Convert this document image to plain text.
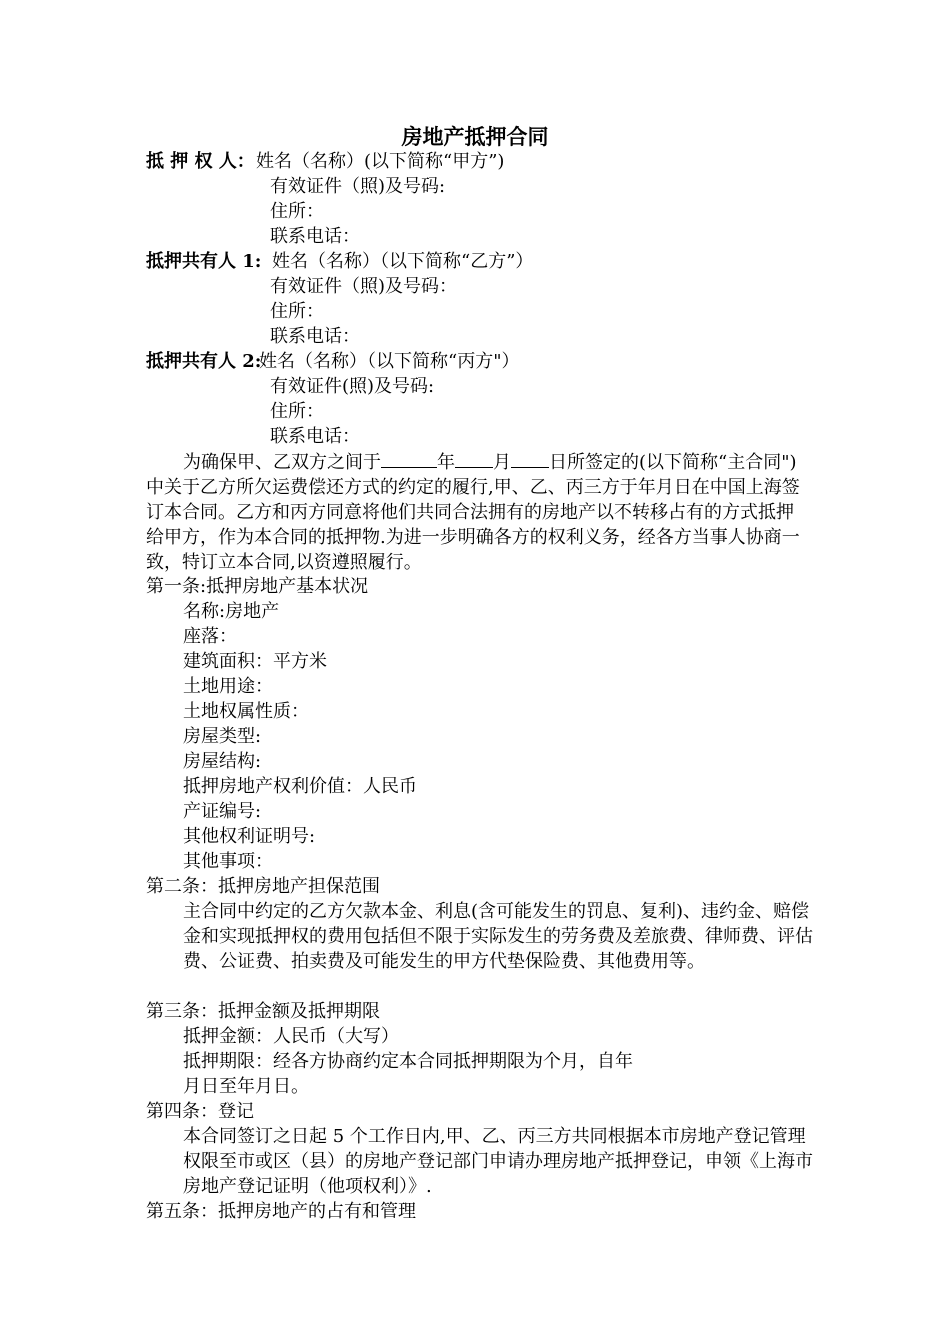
房地产抵押合同
抵 押 权 人： 姓名（名称）(以下简称“甲方”)
有效证件（照)及号码:
住所：
联系电话：
抵押共有人 1: 姓名（名称）（以下简称“乙方”）
有效证件（照)及号码：
住所：
联系电话：
抵押共有人 2:
姓名（名称）（以下简称“丙方"）
有效证件(照)及号码:
住所：
联系电话：
为确保甲、乙双方之间于	年 月 日所签定的(以下简称“主合同")中关于乙方所欠运费偿还方式的约定的履行,甲、乙、丙三方于年月日在中国上海签订本合同。乙方和丙方同意将他们共同合法拥有的房地产以不转移占有的方式抵押给甲方，作为本合同的抵押物.为进一步明确各方的权利义务，经各方当事人协商一致，特订立本合同,以资遵照履行。
第一条:抵押房地产基本状况
名称:房地产
座落：
建筑面积：平方米
土地用途：
土地权属性质：
房屋类型:
房屋结构:
抵押房地产权利价值：人民币
产证编号:
其他权利证明号:
其他事项：
第二条：抵押房地产担保范围
主合同中约定的乙方欠款本金、利息(含可能发生的罚息、复利)、违约金、赔偿金和实现抵押权的费用包括但不限于实际发生的劳务费及差旅费、律师费、评估费、公证费、拍卖费及可能发生的甲方代垫保险费、其他费用等。
第三条：抵押金额及抵押期限
抵押金额：人民币（大写）
抵押期限：经各方协商约定本合同抵押期限为个月，自年
月日至年月日。
第四条：登记
本合同签订之日起 5 个工作日内,甲、乙、丙三方共同根据本市房地产登记管理权限至市或区（县）的房地产登记部门申请办理房地产抵押登记，申领《上海市房地产登记证明（他项权利）》.
第五条：抵押房地产的占有和管理
